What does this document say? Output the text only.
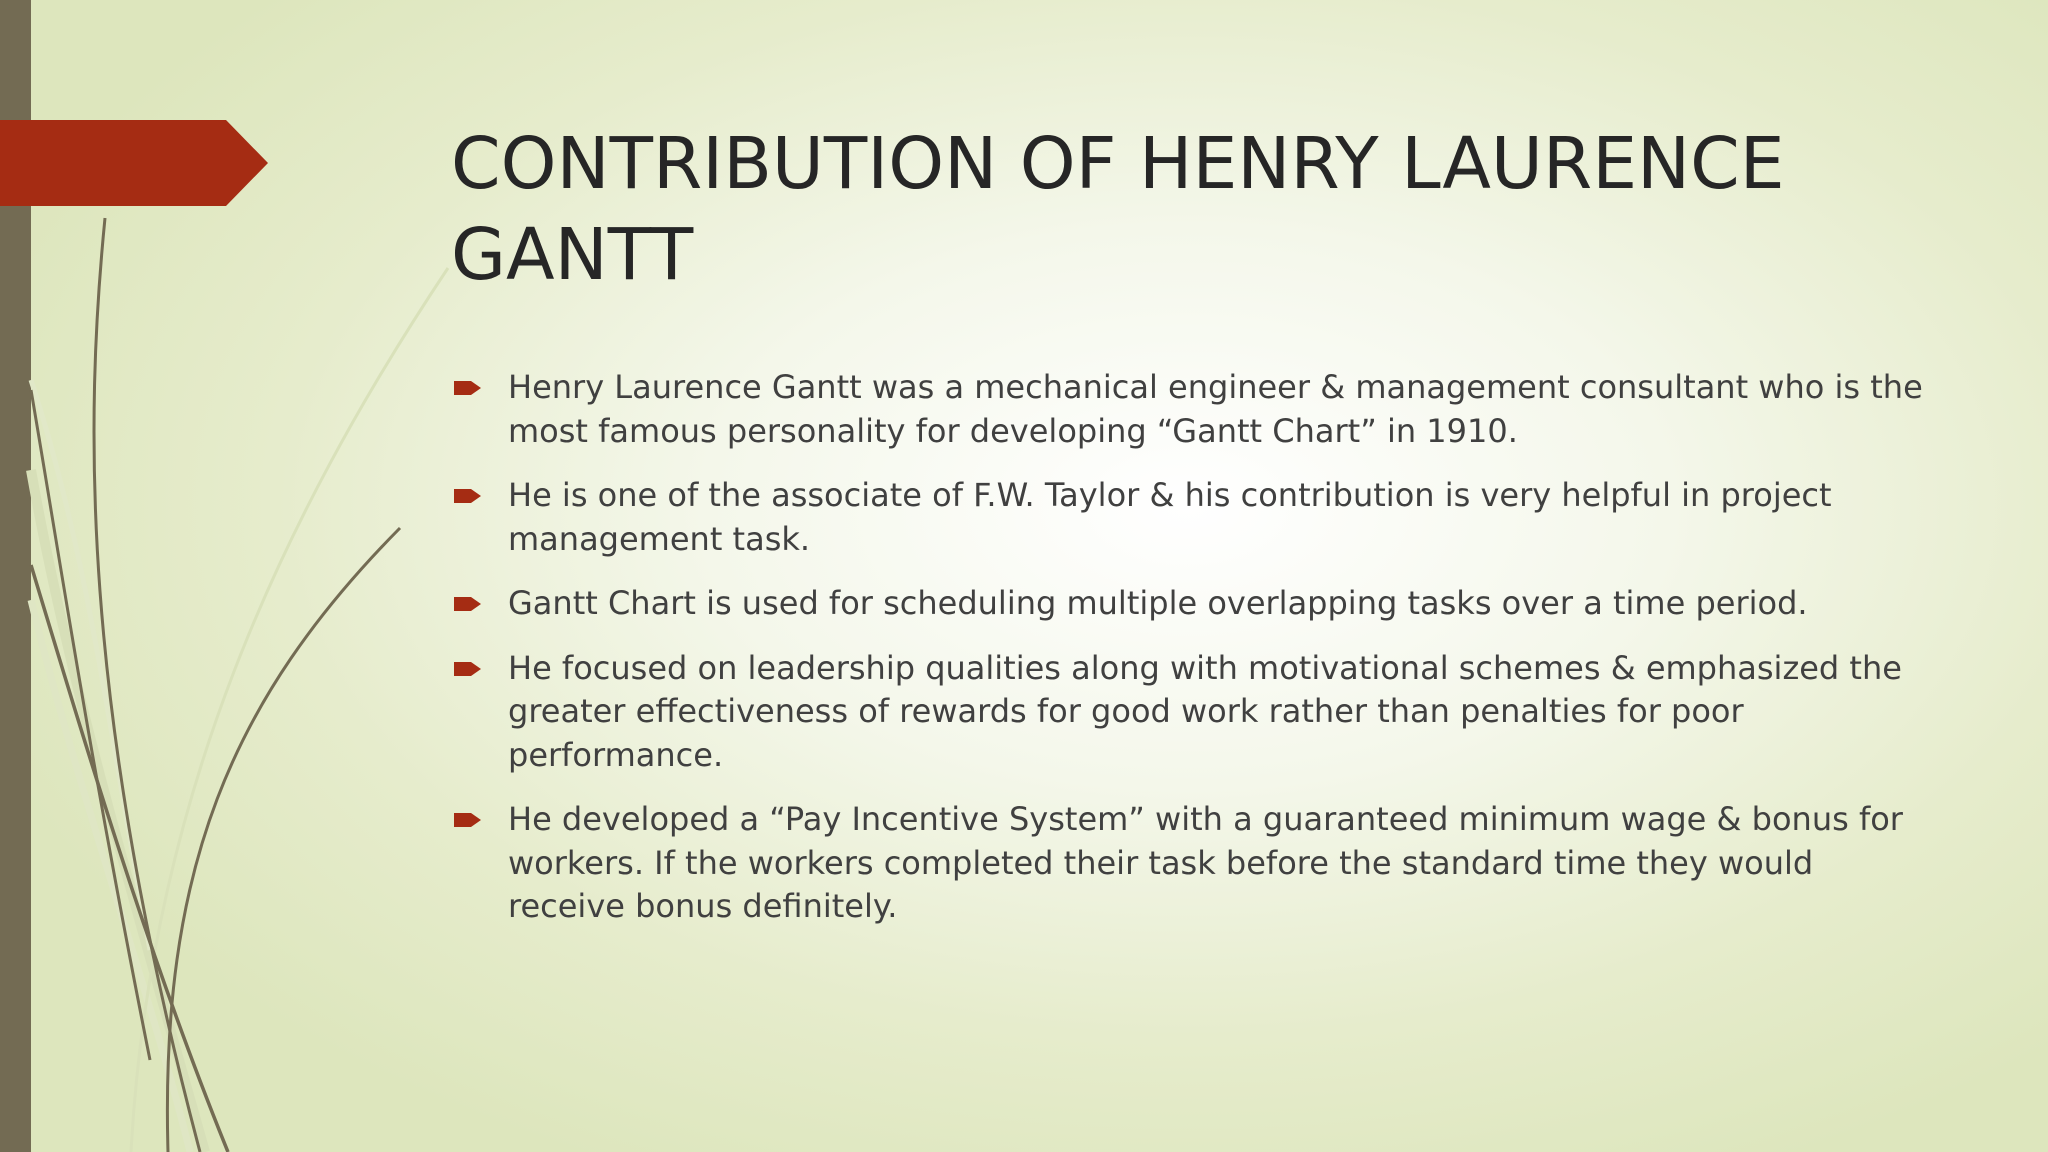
CONTRIBUTION OF HENRY LAURENCE GANTT
Henry Laurence Gantt was a mechanical engineer & management consultant who is the most famous personality for developing “Gantt Chart” in 1910.
He is one of the associate of F.W. Taylor & his contribution is very helpful in project management task.
Gantt Chart is used for scheduling multiple overlapping tasks over a time period.
He focused on leadership qualities along with motivational schemes & emphasized the greater effectiveness of rewards for good work rather than penalties for poor performance.
He developed a “Pay Incentive System” with a guaranteed minimum wage & bonus for workers. If the workers completed their task before the standard time they would receive bonus definitely.
